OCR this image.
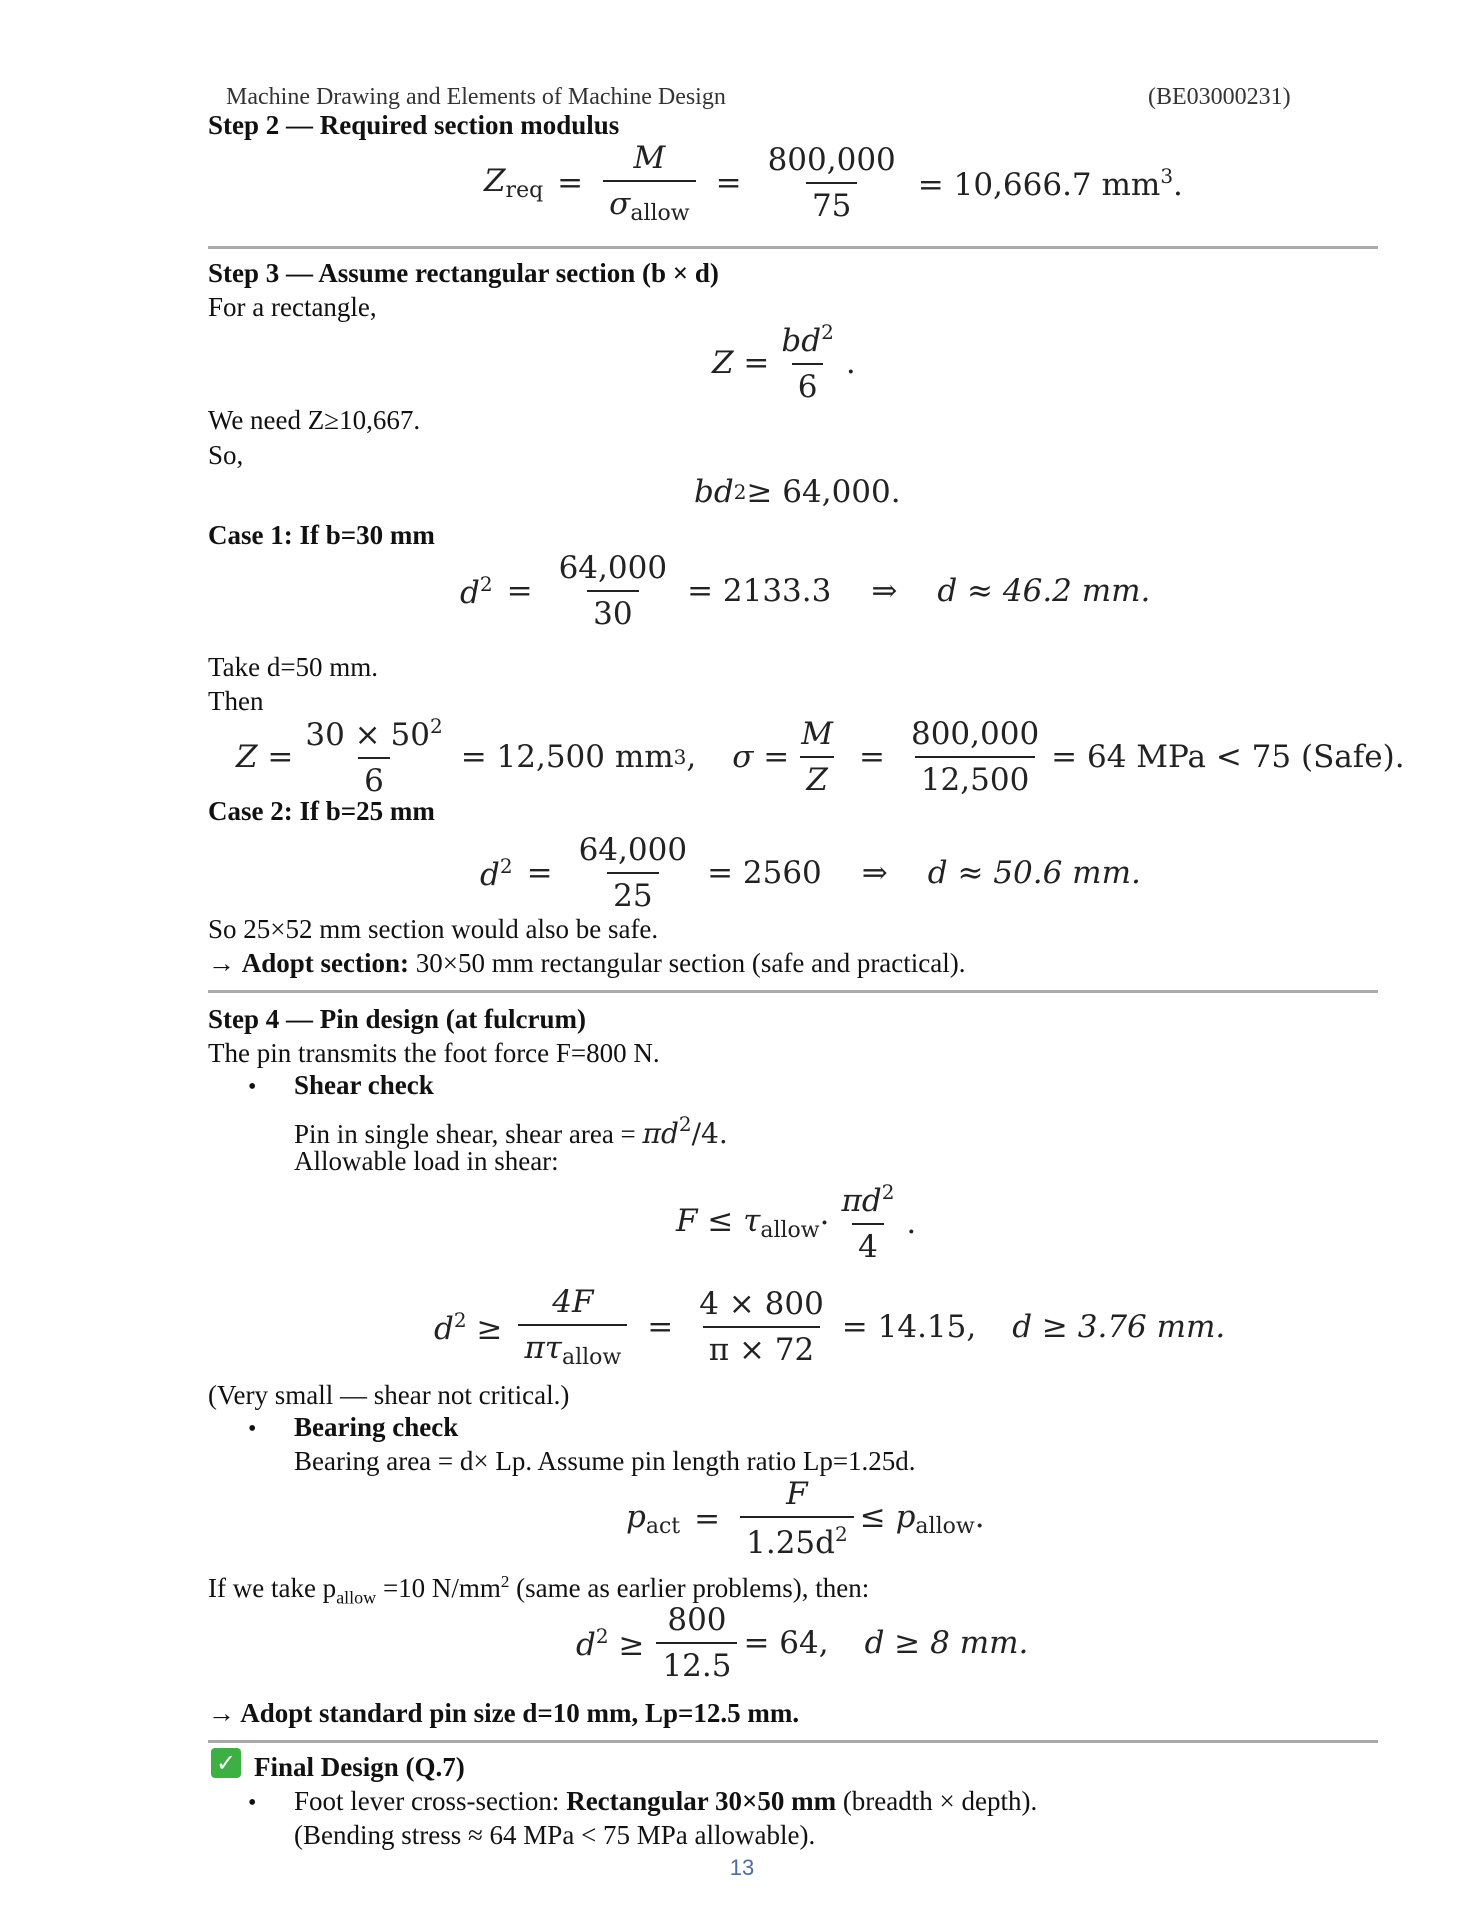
Machine Drawing and Elements of Machine Design	(BE03000231)
Step 2 — Required section modulus
$Z_{req} = \frac{M}{\sigma_{allow}} = \frac{800,000}{75} = 10,666.7$ $mm^3$.
Step 3 — Assume rectangular section (b × d)
For a rectangle,
$Z = \frac{bd^2}{6}$ .
We need Z≥10,667.
So,
bd 2 ≥ 64,000.
Case 1: If b=30 mm
$d^2 = \frac{64,000}{30} = 2133.3$ ⇒ d ≈ 46.2 mm.
Take d=50 mm.
Then
$Z = \frac{30 \times 50^2}{6} = 12,500$ mm 3 , $\sigma = \frac{M}{Z} = \frac{800,000}{12,500} = 64$ MPa < 75 (Safe).
Case 2: If b=25 mm
$d^2 = \frac{64,000}{25} = 2560$ ⇒ d ≈ 50.6 mm.
So 25×52 mm section would also be safe.
→ Adopt section: 30×50 mm rectangular section (safe and practical).
Step 4 — Pin design (at fulcrum)
The pin transmits the foot force F=800 N.
• Shear check
Pin in single shear, shear area = $\pi d^2/4$.
Allowable load in shear:
$F \le \tau_{allow} \cdot \frac{\pi d^2}{4}$ .
$d^2 \ge \frac{4F}{\pi\tau_{allow}} = \frac{4 \times 800}{\pi \times 72} = 14.15$, d ≥ 3.76 mm.
(Very small — shear not critical.)
• Bearing check
Bearing area = d× Lp. Assume pin length ratio Lp=1.25d.
$p_{act} = \frac{F}{1.25d^2} \le p_{allow}$.
If we take $p_{allow} =10$ $N/mm^2$ (same as earlier problems), then:
$d^2 \ge \frac{800}{12.5} = 64$, d ≥ 8 mm.
→ Adopt standard pin size d=10 mm, Lp=12.5 mm.
✓ Final Design (Q.7)
• Foot lever cross-section: Rectangular 30×50 mm (breadth × depth).
(Bending stress ≈ 64 MPa < 75 MPa allowable).
13
